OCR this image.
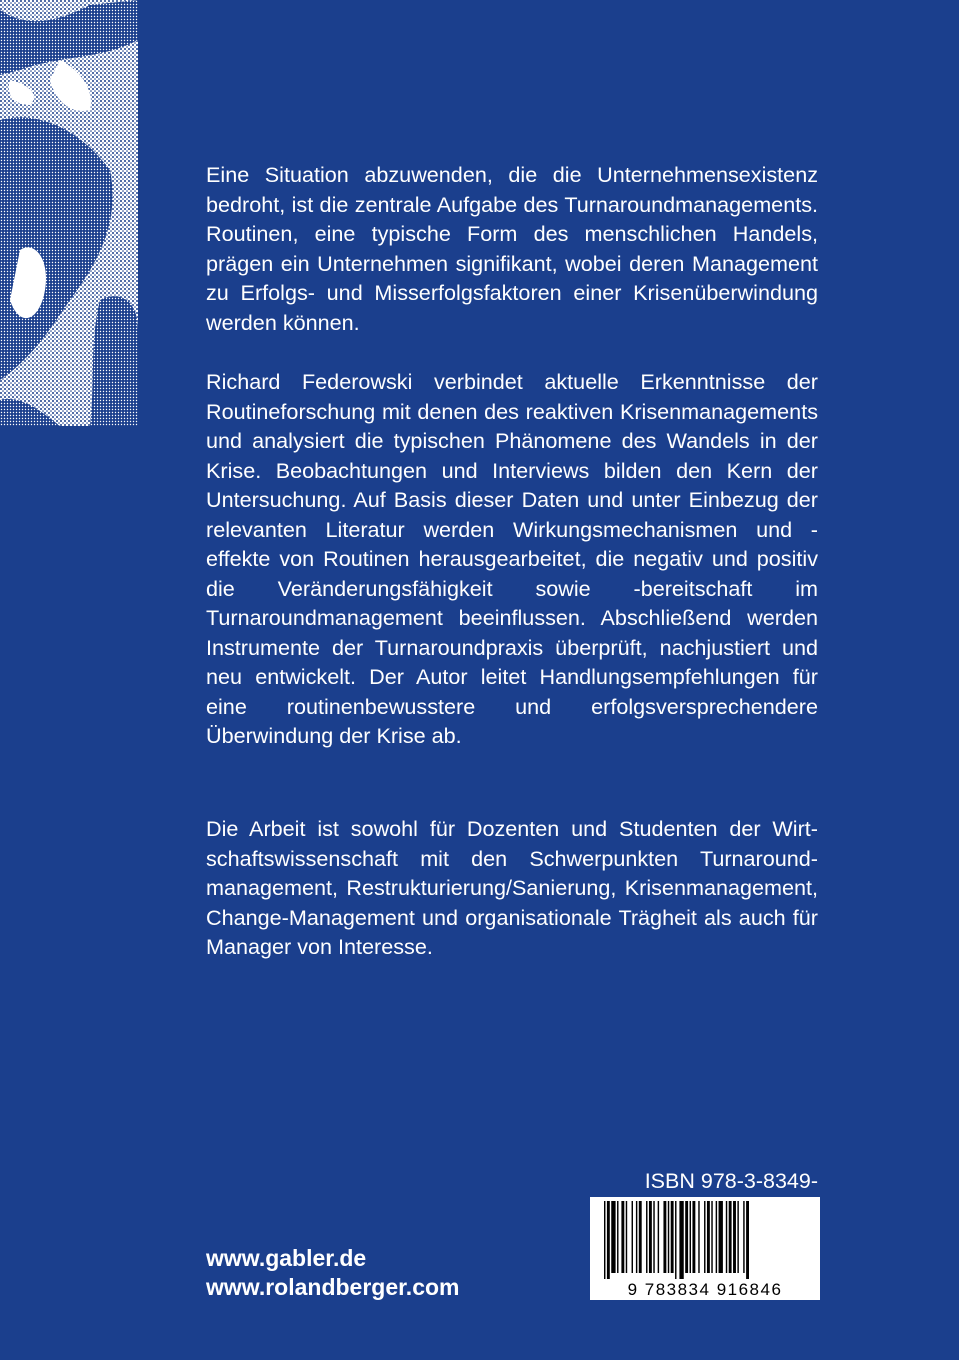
Eine Situation abzuwenden, die die Unternehmensexistenz bedroht, ist die zentrale Aufgabe des Turnaroundmanagements. Routinen, eine typische Form des menschlichen Handels, prägen ein Unternehmen signifikant, wobei deren Management zu Erfolgs- und Misserfolgsfaktoren einer Krisenüberwindung werden können.
Richard Federowski verbindet aktuelle Erkenntnisse der Routineforschung mit denen des reaktiven Krisenmanagements und analysiert die typischen Phänomene des Wandels in der Krise. Beobachtungen und Interviews bilden den Kern der Untersuchung. Auf Basis dieser Daten und unter Einbezug der relevanten Literatur werden Wirkungsmechanismen und -effekte von Routinen herausgearbeitet, die negativ und positiv die Veränderungsfähigkeit sowie -bereitschaft im Turnaroundmanagement beeinflussen. Abschließend werden Instrumente der Turnaroundpraxis überprüft, nachjustiert und neu entwickelt. Der Autor leitet Handlungsempfehlungen für eine routinenbewusstere und erfolgsversprechendere Überwindung der Krise ab.
Die Arbeit ist sowohl für Dozenten und Studenten der Wirtschaftswissenschaft mit den Schwerpunkten Turnaroundmanagement, Restrukturierung/Sanierung, Krisenmanagement, Change-Management und organisationale Trägheit als auch für Manager von Interesse.
ISBN 978-3-8349-
9 783834 916846
www.gabler.de
www.rolandberger.com
